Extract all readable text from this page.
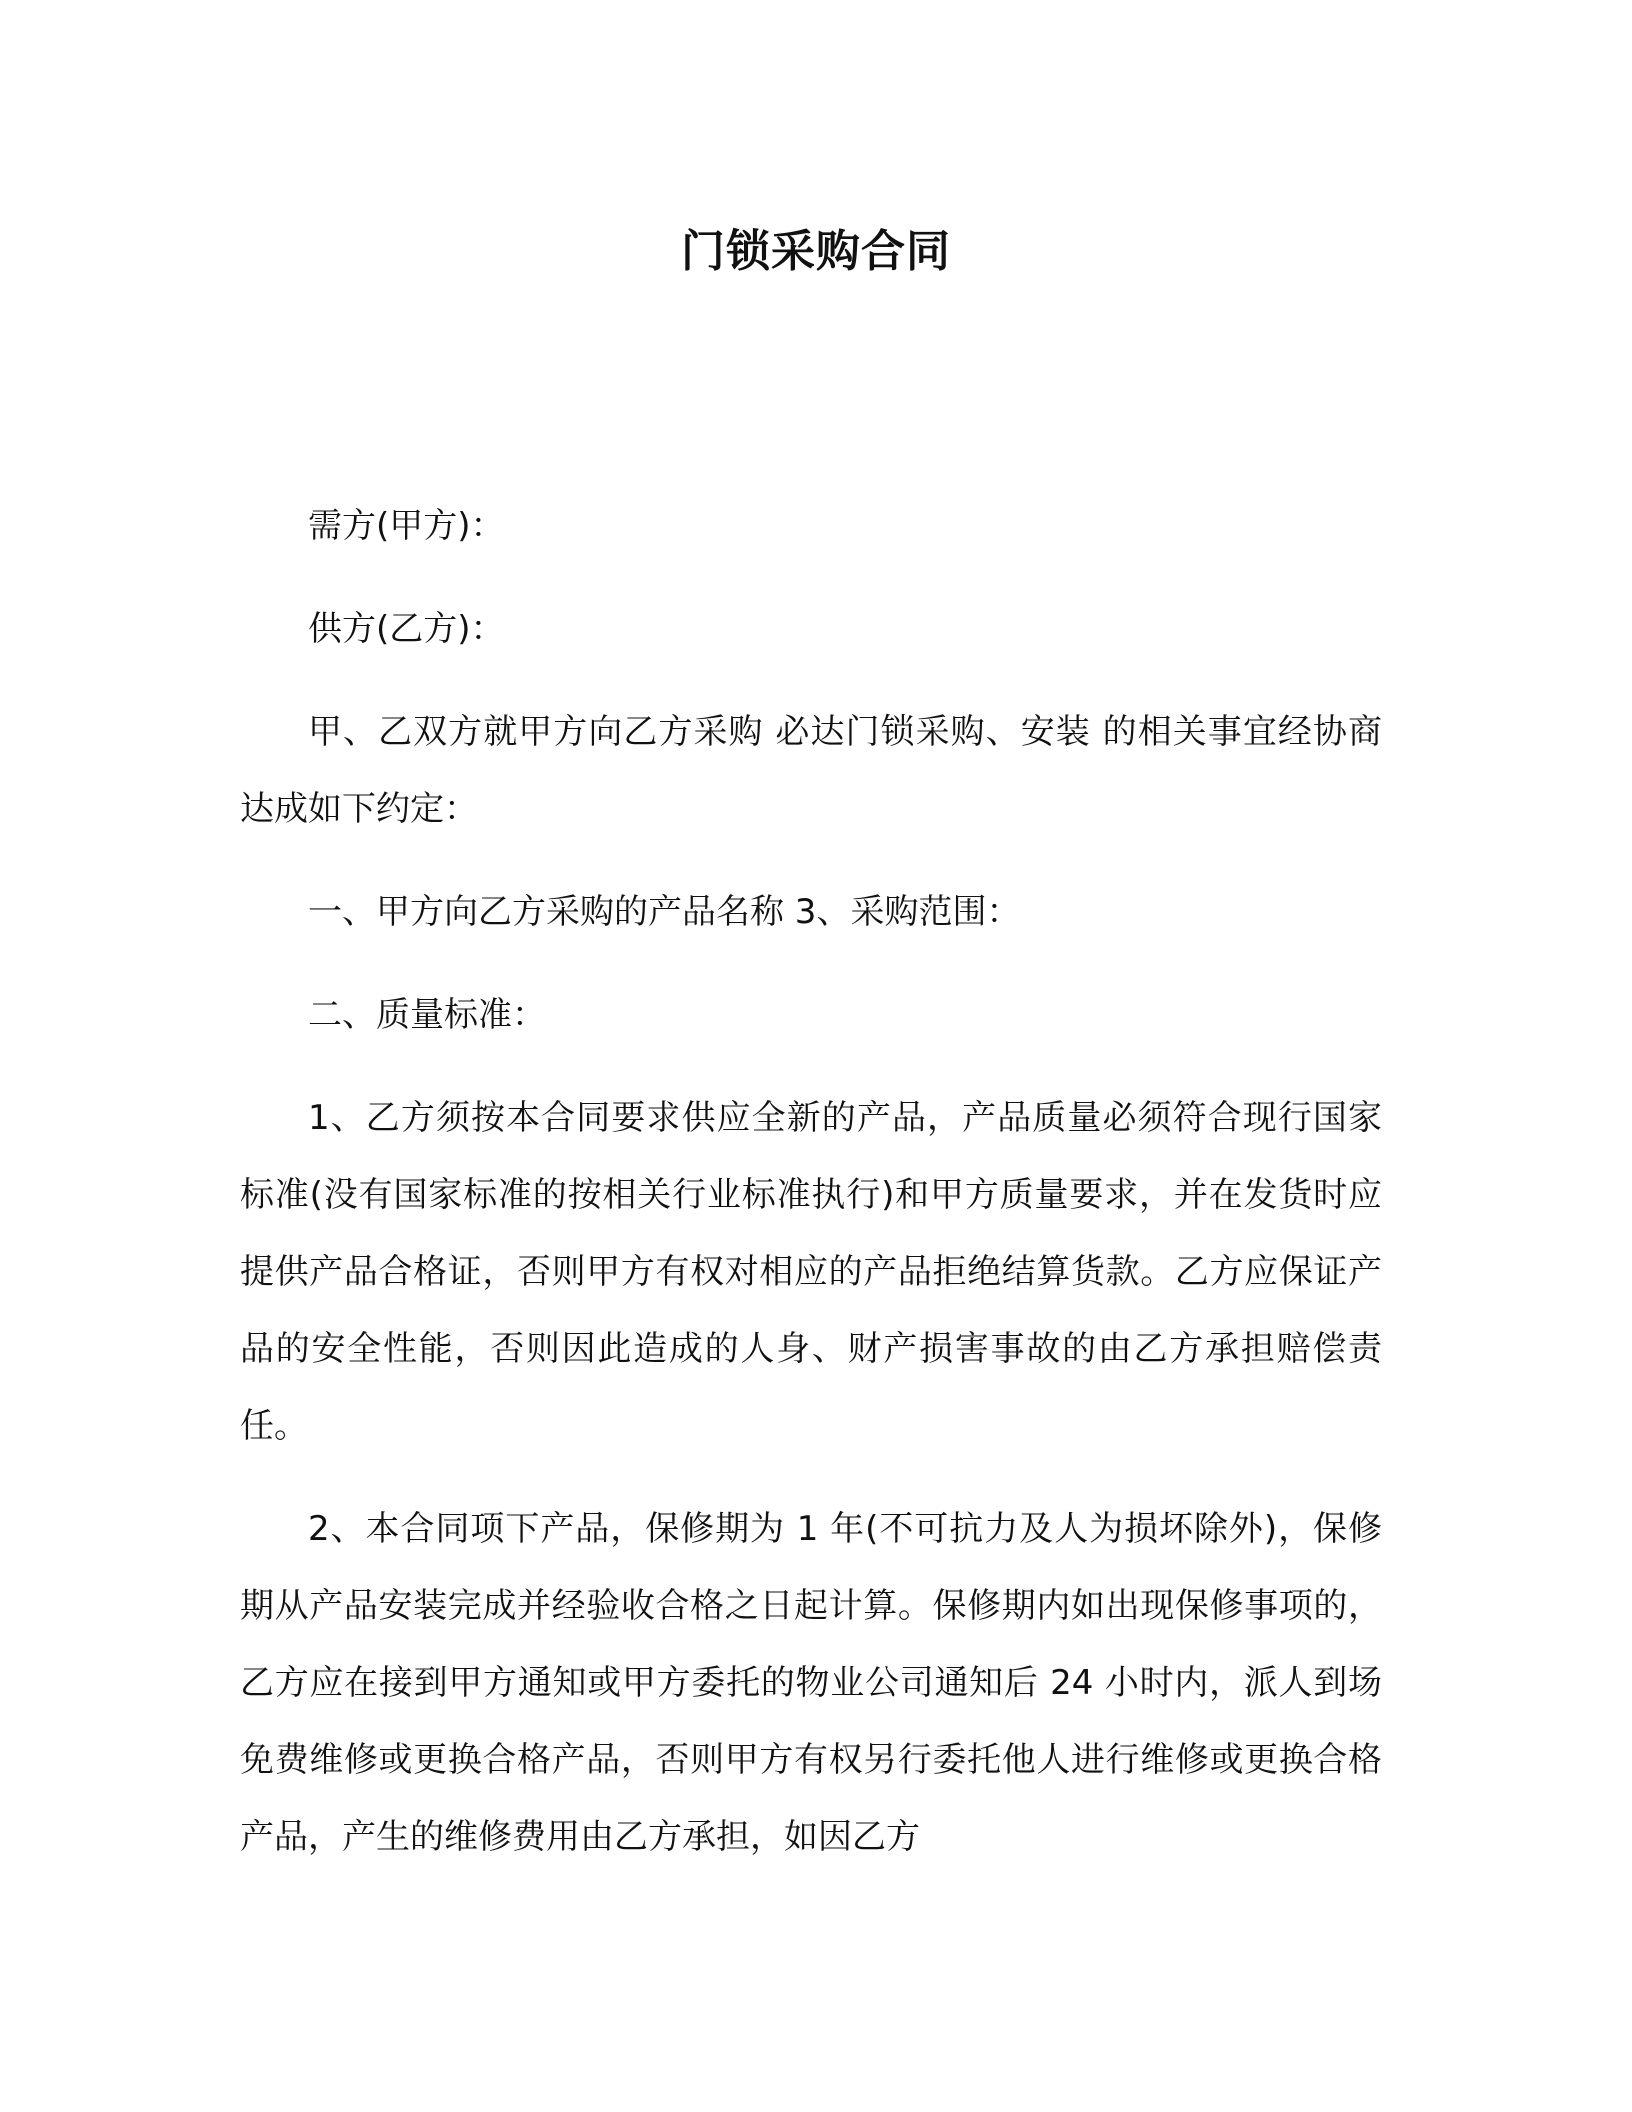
门锁采购合同

需方(甲方)：

供方(乙方)：

甲、乙双方就甲方向乙方采购 必达门锁采购、安装 的相关事宜经协商达成如下约定：

一、甲方向乙方采购的产品名称 3、采购范围：

二、质量标准：

1、乙方须按本合同要求供应全新的产品，产品质量必须符合现行国家标准(没有国家标准的按相关行业标准执行)和甲方质量要求，并在发货时应提供产品合格证，否则甲方有权对相应的产品拒绝结算货款。乙方应保证产品的安全性能，否则因此造成的人身、财产损害事故的由乙方承担赔偿责任。

2、本合同项下产品，保修期为 1 年(不可抗力及人为损坏除外)，保修期从产品安装完成并经验收合格之日起计算。保修期内如出现保修事项的，乙方应在接到甲方通知或甲方委托的物业公司通知后 24 小时内，派人到场免费维修或更换合格产品，否则甲方有权另行委托他人进行维修或更换合格产品，产生的维修费用由乙方承担，如因乙方
